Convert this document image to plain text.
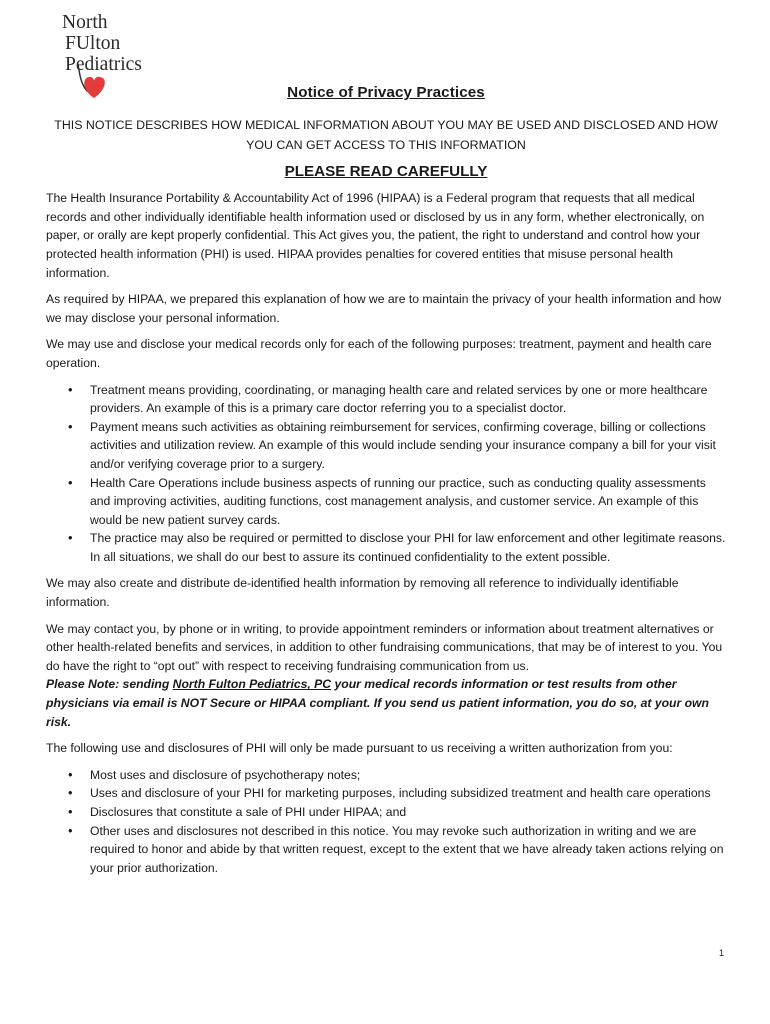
North
FUlton
Pediatrics
Notice of Privacy Practices
THIS NOTICE DESCRIBES HOW MEDICAL INFORMATION ABOUT YOU MAY BE USED AND DISCLOSED AND HOW YOU CAN GET ACCESS TO THIS INFORMATION
PLEASE READ CAREFULLY

The Health Insurance Portability & Accountability Act of 1996 (HIPAA) is a Federal program that requests that all medical records and other individually identifiable health information used or disclosed by us in any form, whether electronically, on paper, or orally are kept properly confidential. This Act gives you, the patient, the right to understand and control how your protected health information (PHI) is used. HIPAA provides penalties for covered entities that misuse personal health information.

As required by HIPAA, we prepared this explanation of how we are to maintain the privacy of your health information and how we may disclose your personal information.

We may use and disclose your medical records only for each of the following purposes: treatment, payment and health care operation.

• Treatment means providing, coordinating, or managing health care and related services by one or more healthcare providers. An example of this is a primary care doctor referring you to a specialist doctor.
• Payment means such activities as obtaining reimbursement for services, confirming coverage, billing or collections activities and utilization review. An example of this would include sending your insurance company a bill for your visit and/or verifying coverage prior to a surgery.
• Health Care Operations include business aspects of running our practice, such as conducting quality assessments and improving activities, auditing functions, cost management analysis, and customer service. An example of this would be new patient survey cards.
• The practice may also be required or permitted to disclose your PHI for law enforcement and other legitimate reasons. In all situations, we shall do our best to assure its continued confidentiality to the extent possible.

We may also create and distribute de-identified health information by removing all reference to individually identifiable information.

We may contact you, by phone or in writing, to provide appointment reminders or information about treatment alternatives or other health-related benefits and services, in addition to other fundraising communications, that may be of interest to you. You do have the right to “opt out” with respect to receiving fundraising communication from us.

Please Note: sending North Fulton Pediatrics, PC your medical records information or test results from other physicians via email is NOT Secure or HIPAA compliant. If you send us patient information, you do so, at your own risk.

The following use and disclosures of PHI will only be made pursuant to us receiving a written authorization from you:

• Most uses and disclosure of psychotherapy notes;
• Uses and disclosure of your PHI for marketing purposes, including subsidized treatment and health care operations
• Disclosures that constitute a sale of PHI under HIPAA; and
• Other uses and disclosures not described in this notice. You may revoke such authorization in writing and we are required to honor and abide by that written request, except to the extent that we have already taken actions relying on your prior authorization.
1
